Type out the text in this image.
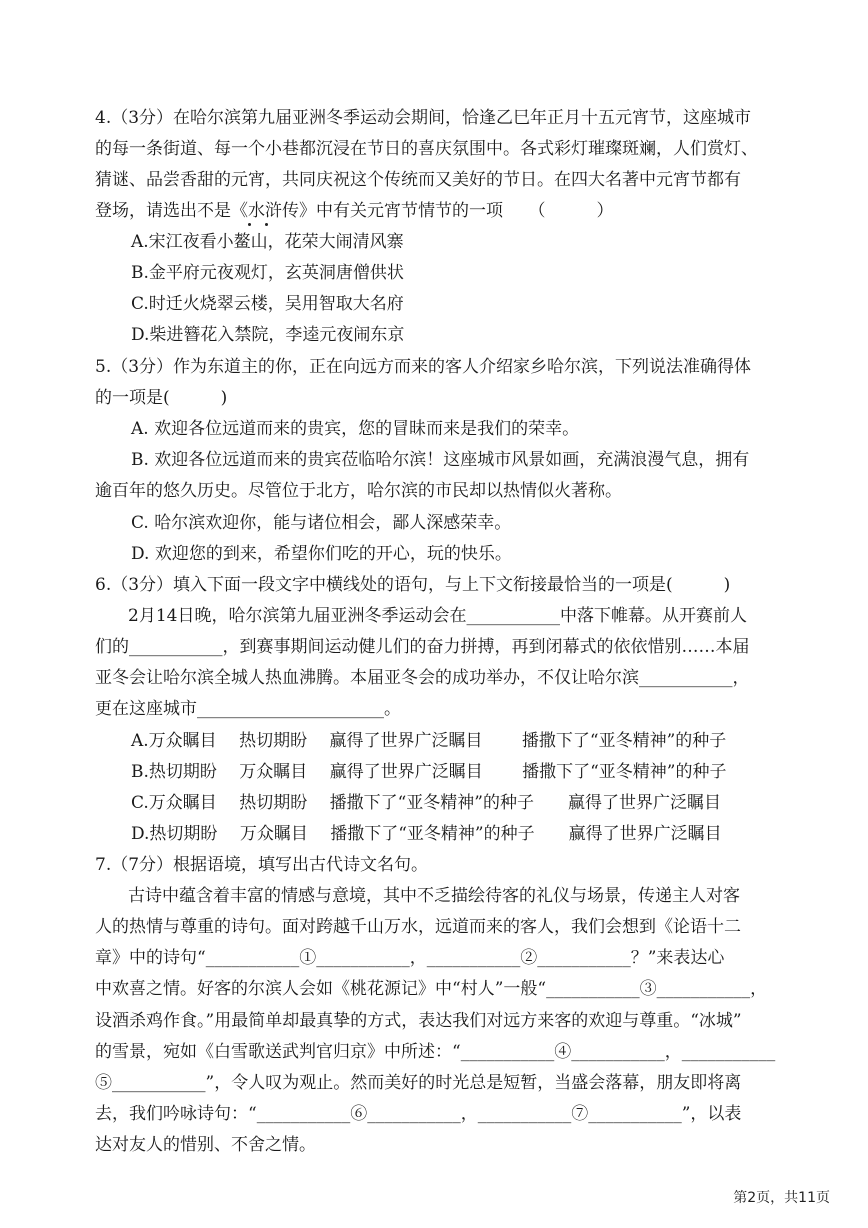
4.（3分）在哈尔滨第九届亚洲冬季运动会期间，恰逢乙巳年正月十五元宵节，这座城市
的每一条街道、每一个小巷都沉浸在节日的喜庆氛围中。各式彩灯璀璨斑斓，人们赏灯、
猜谜、品尝香甜的元宵，共同庆祝这个传统而又美好的节日。在四大名著中元宵节都有
登场，请选出不是《水浒传》中有关元宵节情节的一项　　（　　　）
A.宋江夜看小鳌山，花荣大闹清风寨
B.金平府元夜观灯，玄英洞唐僧供状
C.时迁火烧翠云楼，吴用智取大名府
D.柴进簪花入禁院，李逵元夜闹东京
5.（3分）作为东道主的你，正在向远方而来的客人介绍家乡哈尔滨，下列说法准确得体
的一项是(　　　)
A. 欢迎各位远道而来的贵宾，您的冒昧而来是我们的荣幸。
B. 欢迎各位远道而来的贵宾莅临哈尔滨！这座城市风景如画，充满浪漫气息，拥有
逾百年的悠久历史。尽管位于北方，哈尔滨的市民却以热情似火著称。
C. 哈尔滨欢迎你，能与诸位相会，鄙人深感荣幸。
D. 欢迎您的到来，希望你们吃的开心，玩的快乐。
6.（3分）填入下面一段文字中横线处的语句，与上下文衔接最恰当的一项是(　　　)
2月14日晚，哈尔滨第九届亚洲冬季运动会在___________中落下帷幕。从开赛前人
们的___________，到赛事期间运动健儿们的奋力拼搏，再到闭幕式的依依惜别……本届
亚冬会让哈尔滨全城人热血沸腾。本届亚冬会的成功举办，不仅让哈尔滨___________，
更在这座城市______________________。
A.万众瞩目　 热切期盼　 赢得了世界广泛瞩目　　 播撒下了“亚冬精神”的种子
B.热切期盼　 万众瞩目　 赢得了世界广泛瞩目　　 播撒下了“亚冬精神”的种子
C.万众瞩目　 热切期盼　 播撒下了“亚冬精神”的种子　　赢得了世界广泛瞩目
D.热切期盼　 万众瞩目　 播撒下了“亚冬精神”的种子　　赢得了世界广泛瞩目
7.（7分）根据语境，填写出古代诗文名句。
古诗中蕴含着丰富的情感与意境，其中不乏描绘待客的礼仪与场景，传递主人对客
人的热情与尊重的诗句。面对跨越千山万水，远道而来的客人，我们会想到《论语十二
章》中的诗句“___________①___________，___________②___________？”来表达心
中欢喜之情。好客的尔滨人会如《桃花源记》中“村人”一般“___________③___________，
设酒杀鸡作食。”用最简单却最真挚的方式，表达我们对远方来客的欢迎与尊重。“冰城”
的雪景，宛如《白雪歌送武判官归京》中所述：“___________④___________，___________
⑤___________”，令人叹为观止。然而美好的时光总是短暂，当盛会落幕，朋友即将离
去，我们吟咏诗句：“___________⑥___________，___________⑦___________”，以表
达对友人的惜别、不舍之情。
第2页，共11页
